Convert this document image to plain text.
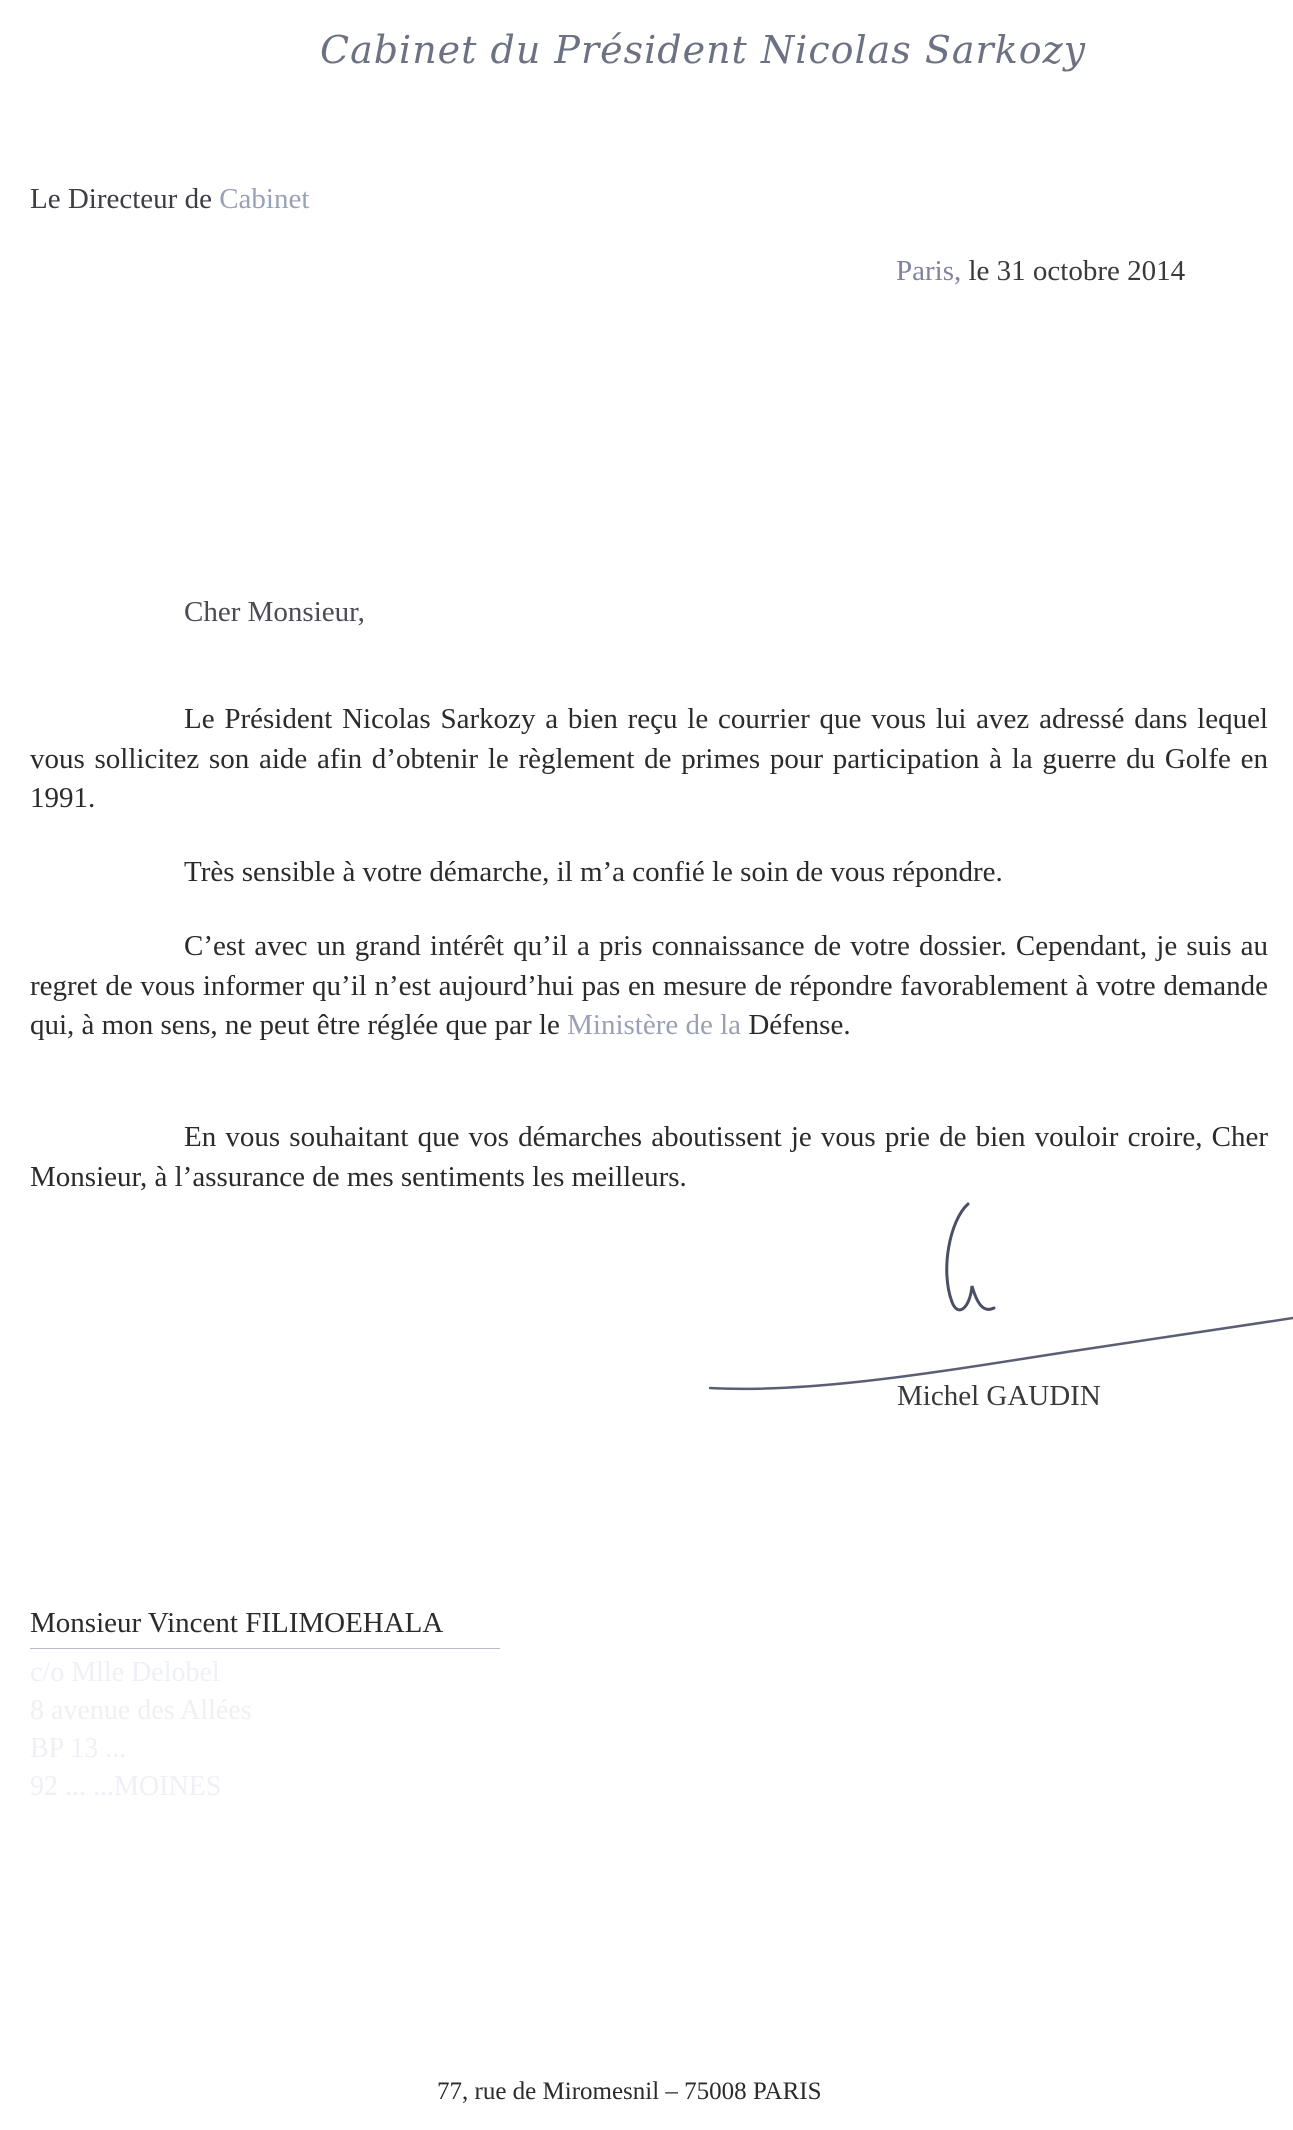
Cabinet du Président Nicolas Sarkozy
Le Directeur de Cabinet
Paris, le 31 octobre 2014
Cher Monsieur,
Le Président Nicolas Sarkozy a bien reçu le courrier que vous lui avez adressé dans lequel vous sollicitez son aide afin d’obtenir le règlement de primes pour participation à la guerre du Golfe en 1991.
Très sensible à votre démarche, il m’a confié le soin de vous répondre.
C’est avec un grand intérêt qu’il a pris connaissance de votre dossier. Cependant, je suis au regret de vous informer qu’il n’est aujourd’hui pas en mesure de répondre favorablement à votre demande qui, à mon sens, ne peut être réglée que par le Ministère de la Défense.
En vous souhaitant que vos démarches aboutissent je vous prie de bien vouloir croire, Cher Monsieur, à l’assurance de mes sentiments les meilleurs.
Michel GAUDIN
Monsieur Vincent FILIMOEHALA
c/o Mlle Delobel
8 avenue des Allées
BP 13 ...
92 ... ...MOINES
77, rue de Miromesnil – 75008 PARIS
